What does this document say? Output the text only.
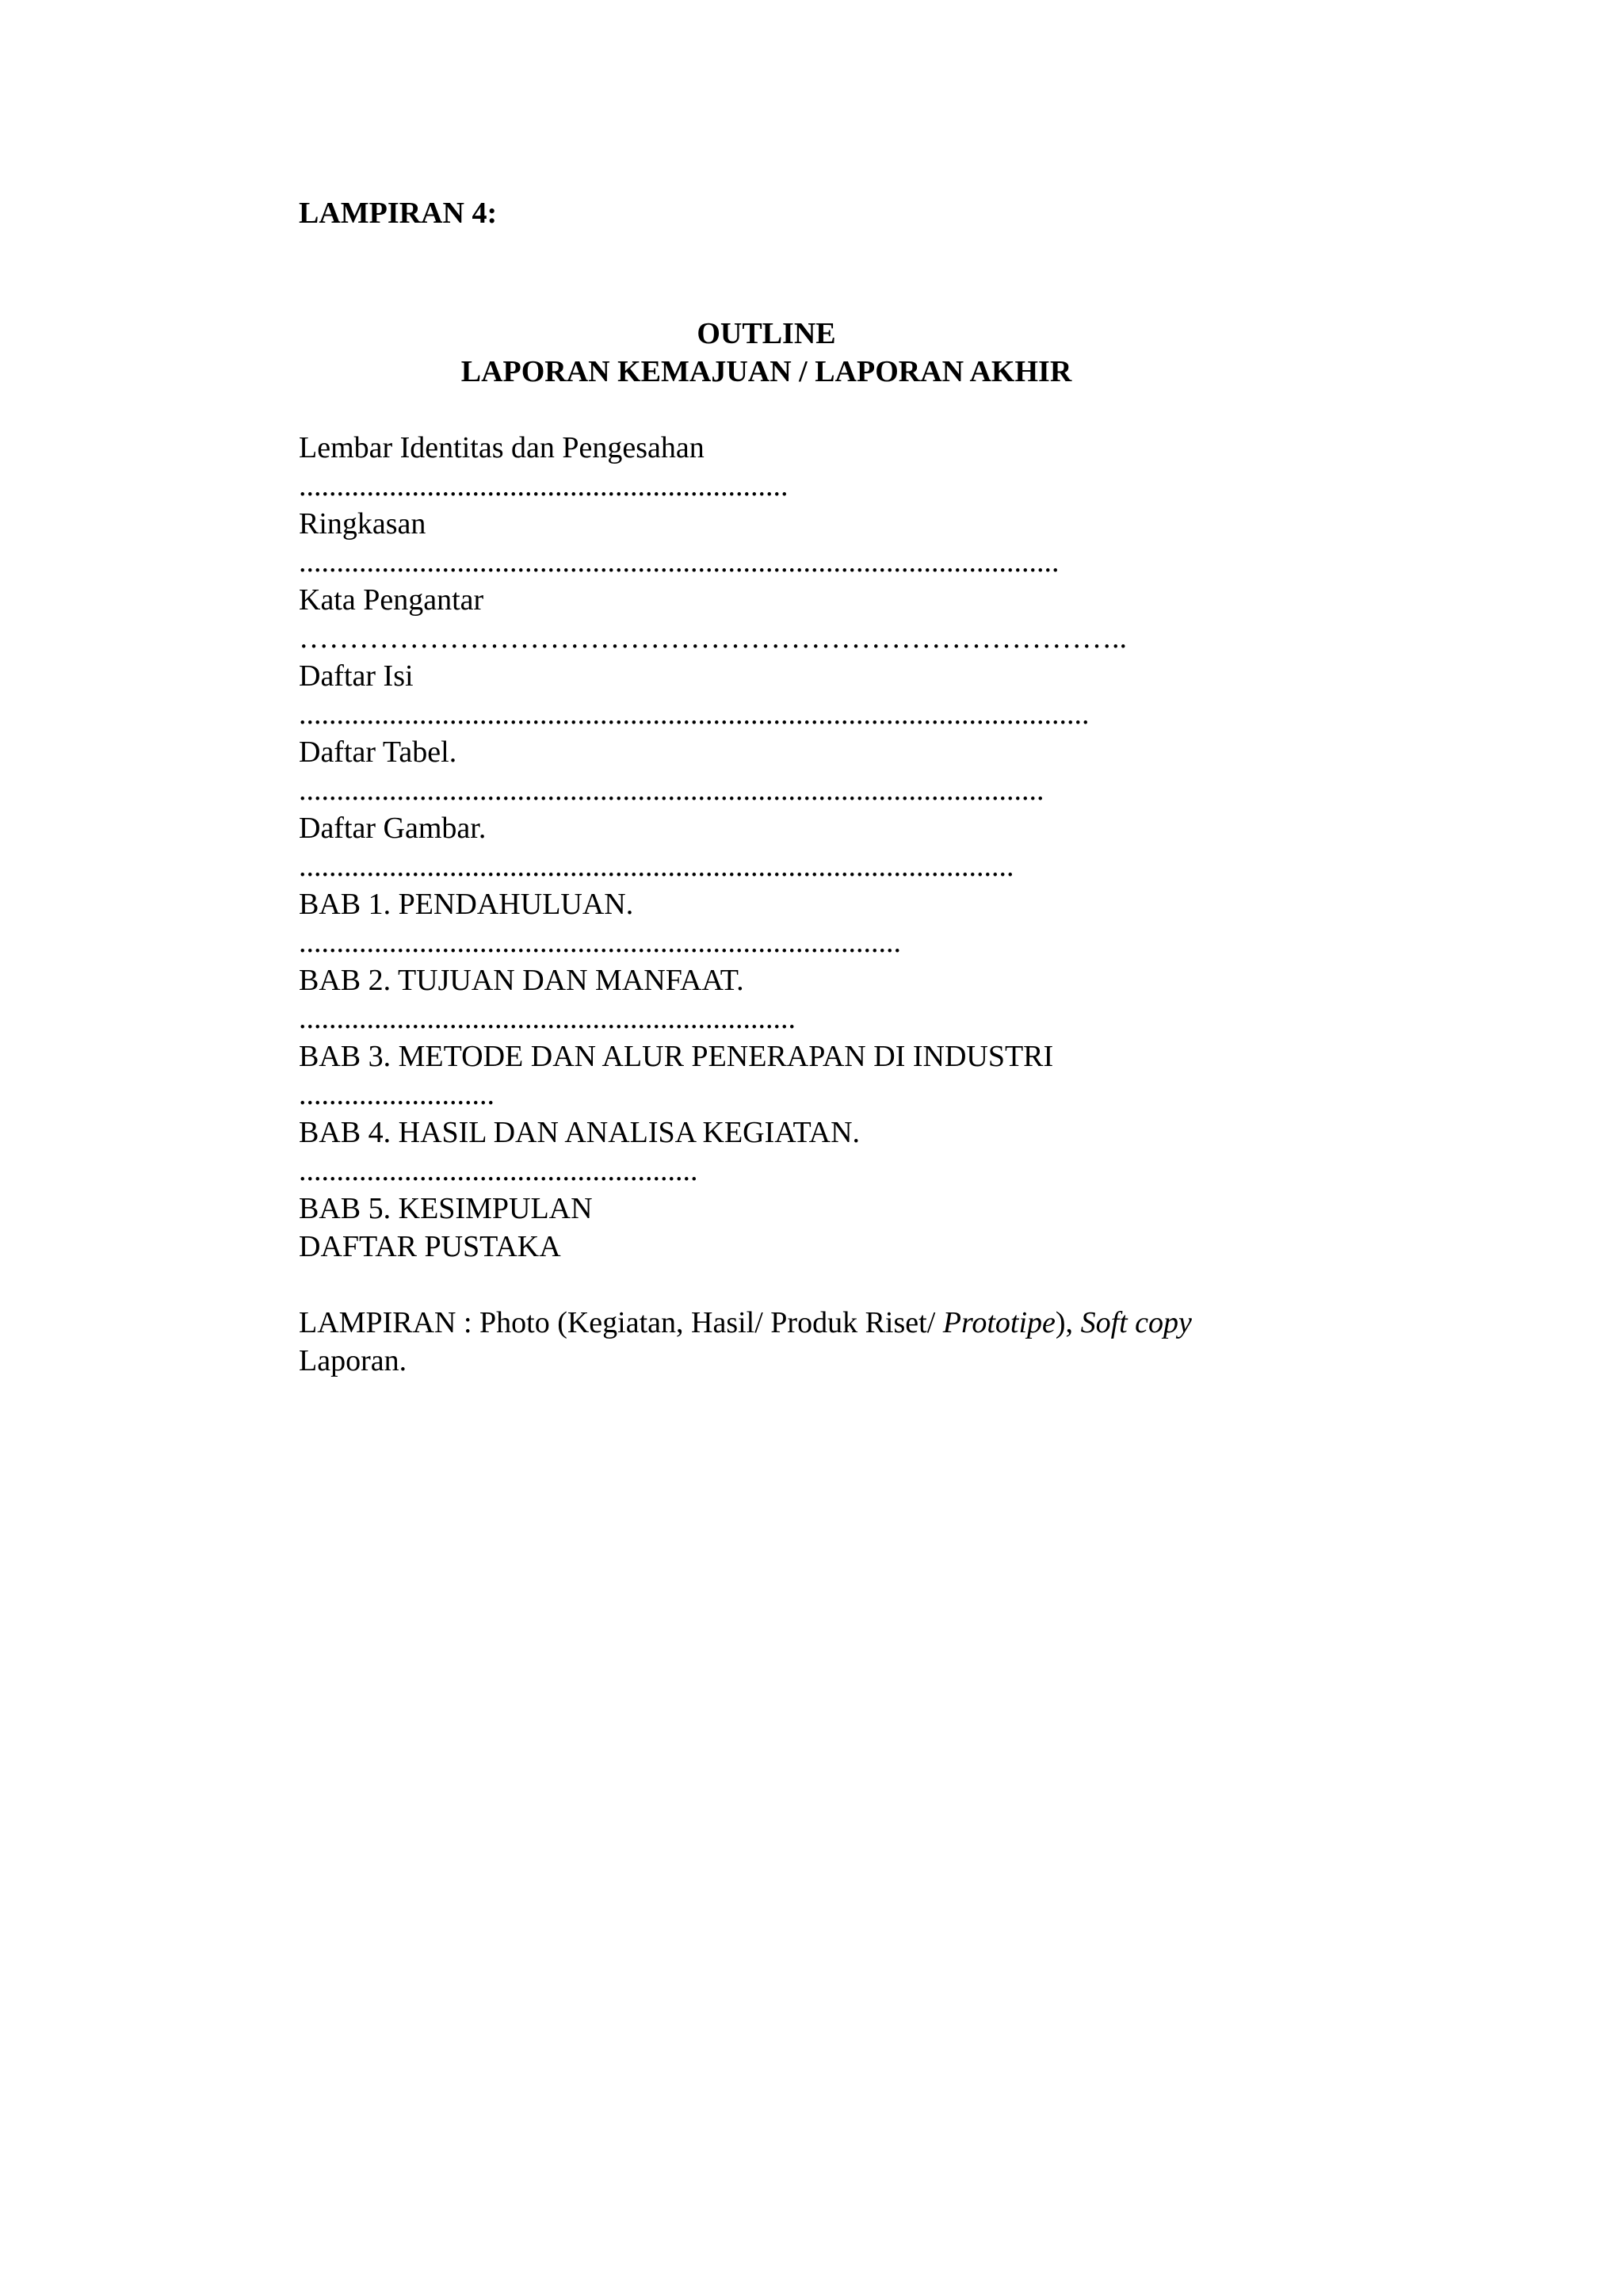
LAMPIRAN 4:
OUTLINE
LAPORAN KEMAJUAN / LAPORAN AKHIR
Lembar Identitas dan Pengesahan
.................................................................
Ringkasan
.....................................................................................................
Kata Pengantar
………………………………………………………………………..
Daftar Isi
.........................................................................................................
Daftar Tabel.
...................................................................................................
Daftar Gambar.
...............................................................................................
BAB 1. PENDAHULUAN.
................................................................................
BAB 2. TUJUAN DAN MANFAAT.
..................................................................
BAB 3. METODE DAN ALUR PENERAPAN DI INDUSTRI
..........................
BAB 4. HASIL DAN ANALISA KEGIATAN.
.....................................................
BAB 5. KESIMPULAN
DAFTAR PUSTAKA
LAMPIRAN : Photo (Kegiatan, Hasil/ Produk Riset/ Prototipe), Soft copy Laporan.
